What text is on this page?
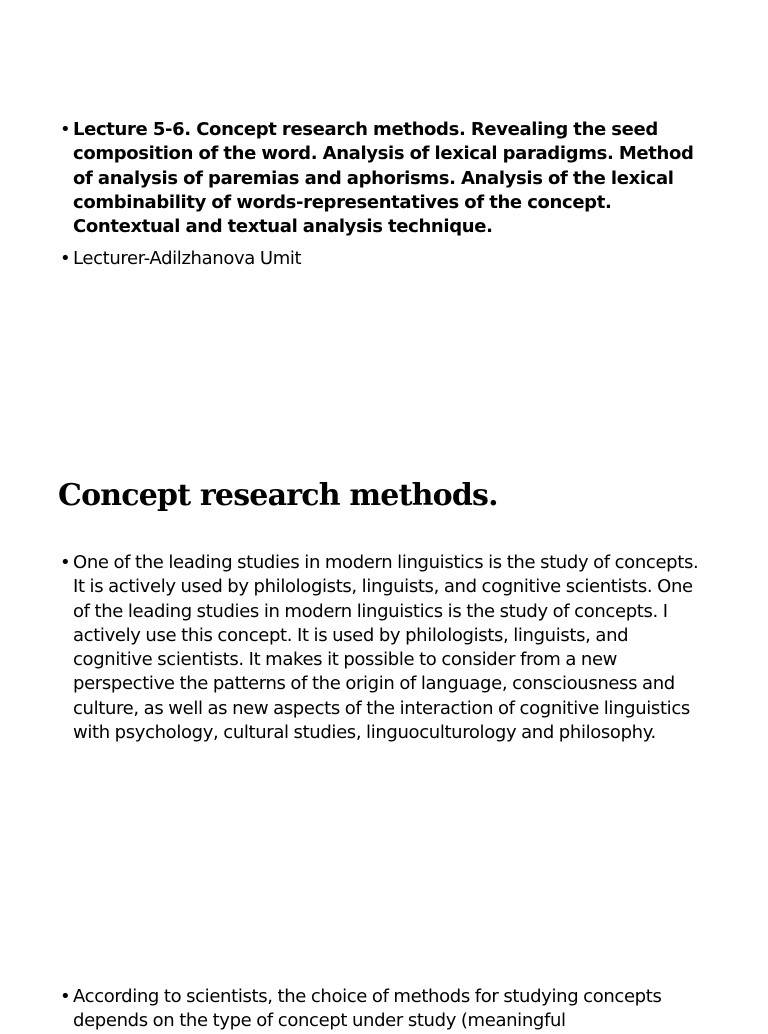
• Lecture 5-6. Concept research methods. Revealing the seed composition of the word. Analysis of lexical paradigms. Method of analysis of paremias and aphorisms. Analysis of the lexical combinability of words-representatives of the concept. Contextual and textual analysis technique.
• Lecturer-Adilzhanova Umit
Concept research methods.
• One of the leading studies in modern linguistics is the study of concepts. It is actively used by philologists, linguists, and cognitive scientists. One of the leading studies in modern linguistics is the study of concepts. I actively use this concept. It is used by philologists, linguists, and cognitive scientists. It makes it possible to consider from a new perspective the patterns of the origin of language, consciousness and culture, as well as new aspects of the interaction of cognitive linguistics with psychology, cultural studies, linguoculturology and philosophy.
• According to scientists, the choice of methods for studying concepts depends on the type of concept under study (meaningful
